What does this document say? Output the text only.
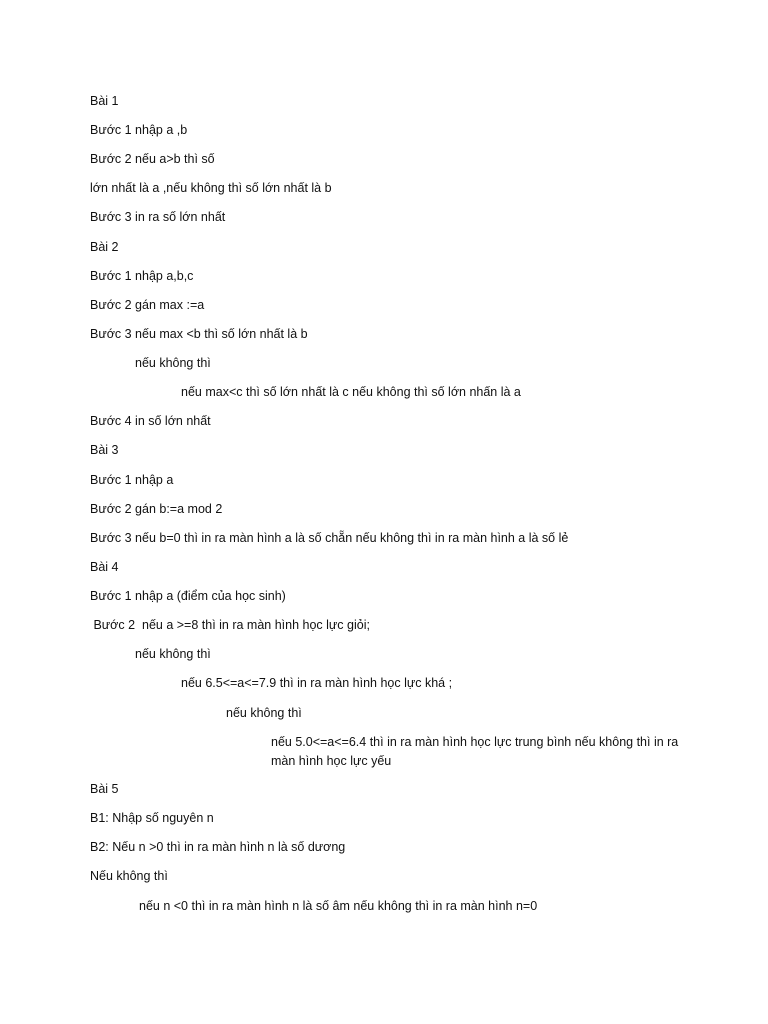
Bài 1
Bước 1 nhập a ,b
Bước 2 nếu a>b thì số
lớn nhất là a ,nếu không thì số lớn nhất là b
Bước 3 in ra số lớn nhất
Bài 2
Bước 1 nhập a,b,c
Bước 2 gán max :=a
Bước 3 nếu max <b thì số lớn nhất là b
nếu không thì
nếu max<c thì số lớn nhất là c nếu không thì số lớn nhấn là a
Bước 4 in số lớn nhất
Bài 3
Bước 1 nhập a
Bước 2 gán b:=a mod 2
Bước 3 nếu b=0 thì in ra màn hình a là số chẵn nếu không thì in ra màn hình a là số lẻ
Bài 4
Bước 1 nhập a (điểm của học sinh)
Bước 2  nếu a >=8 thì in ra màn hình học lực giỏi;
nếu không thì
nếu 6.5<=a<=7.9 thì in ra màn hình học lực khá ;
nếu không thì
nếu 5.0<=a<=6.4 thì in ra màn hình học lực trung bình nếu không thì in ra màn hình học lực yếu
Bài 5
B1: Nhập số nguyên n
B2: Nếu n >0 thì in ra màn hình n là số dương
Nếu không thì
nếu n <0 thì in ra màn hình n là số âm nếu không thì in ra màn hình n=0
